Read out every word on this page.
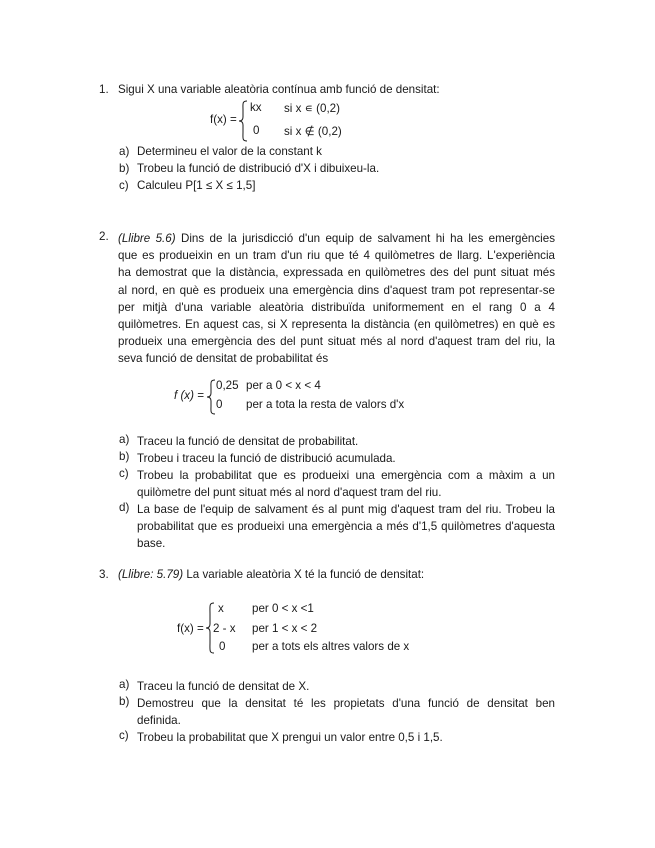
1. Sigui X una variable aleatòria contínua amb funció de densitat:
f(x) =
kx si x ∊ (0,2)
0 si x ∉ (0,2)
a) Determineu el valor de la constant k
b) Trobeu la funció de distribució d'X i dibuixeu-la.
c) Calculeu P[1 ≤ X ≤ 1,5]
2. (Llibre 5.6) Dins de la jurisdicció d'un equip de salvament hi ha les emergències
que es produeixin en un tram d'un riu que té 4 quilòmetres de llarg. L'experiència
ha demostrat que la distància, expressada en quilòmetres des del punt situat més
al nord, en què es produeix una emergència dins d'aquest tram pot representar-se
per mitjà d'una variable aleatòria distribuïda uniformement en el rang 0 a 4
quilòmetres. En aquest cas, si X representa la distància (en quilòmetres) en què es
produeix una emergència des del punt situat més al nord d'aquest tram del riu, la
seva funció de densitat de probabilitat és
f (x) =
0,25 per a 0 < x < 4
0 per a tota la resta de valors d'x
a) Traceu la funció de densitat de probabilitat.
b) Trobeu i traceu la funció de distribució acumulada.
c) Trobeu la probabilitat que es produeixi una emergència com a màxim a un
quilòmetre del punt situat més al nord d'aquest tram del riu.
d) La base de l'equip de salvament és al punt mig d'aquest tram del riu. Trobeu la
probabilitat que es produeixi una emergència a més d'1,5 quilòmetres d'aquesta
base.
3. (Llibre: 5.79) La variable aleatòria X té la funció de densitat:
f(x) =
x per 0 < x <1
2 - x per 1 < x < 2
0 per a tots els altres valors de x
a) Traceu la funció de densitat de X.
b) Demostreu que la densitat té les propietats d'una funció de densitat ben
definida.
c) Trobeu la probabilitat que X prengui un valor entre 0,5 i 1,5.
